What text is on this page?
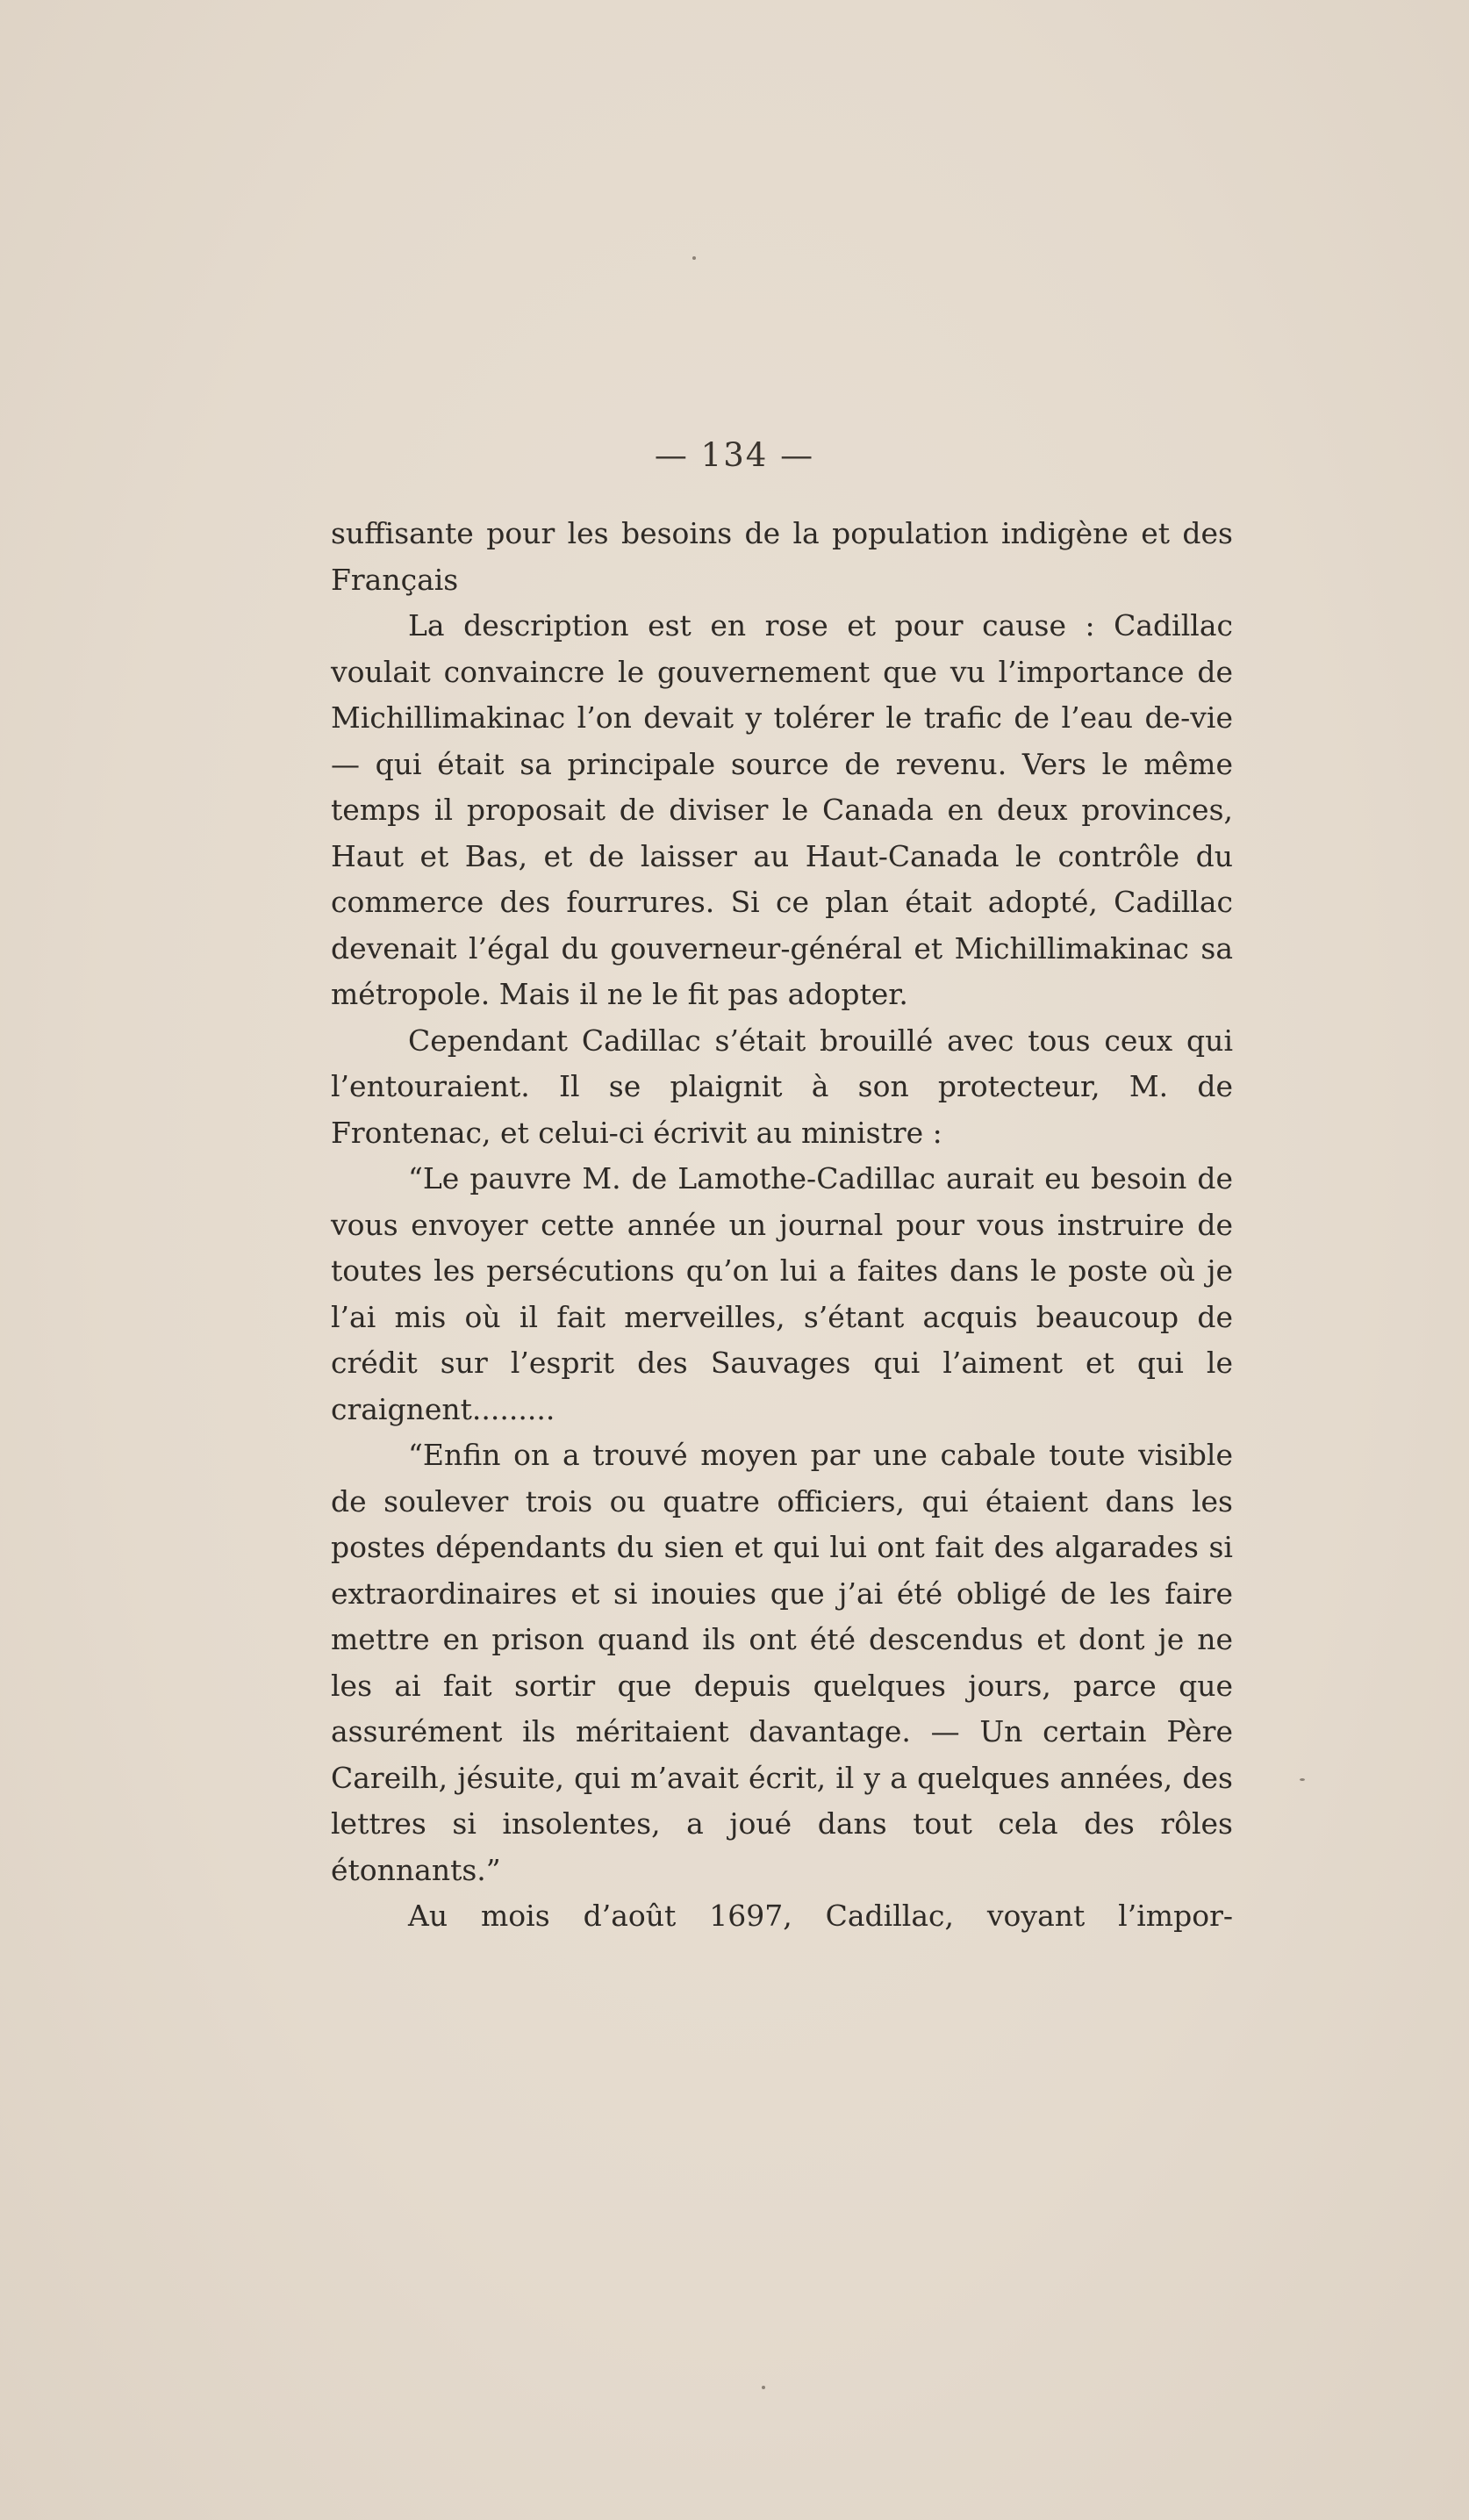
— 134 —

suffisante pour les besoins de la population indigène et des Français

La description est en rose et pour cause : Cadillac voulait convaincre le gouvernement que vu l’importance de Michillimakinac l’on devait y tolérer le trafic de l’eau de-vie — qui était sa principale source de revenu. Vers le même temps il proposait de diviser le Canada en deux provinces, Haut et Bas, et de laisser au Haut-Canada le contrôle du commerce des fourrures. Si ce plan était adopté, Cadillac devenait l’égal du gouverneur-général et Michillimakinac sa métropole. Mais il ne le fit pas adopter.

Cependant Cadillac s’était brouillé avec tous ceux qui l’entouraient. Il se plaignit à son protecteur, M. de Frontenac, et celui-ci écrivit au ministre :

“Le pauvre M. de Lamothe-Cadillac aurait eu besoin de vous envoyer cette année un journal pour vous instruire de toutes les persécutions qu’on lui a faites dans le poste où je l’ai mis où il fait merveilles, s’étant acquis beaucoup de crédit sur l’esprit des Sauvages qui l’aiment et qui le craignent.........

“Enfin on a trouvé moyen par une cabale toute visible de soulever trois ou quatre officiers, qui étaient dans les postes dépendants du sien et qui lui ont fait des algarades si extraordinaires et si inouies que j’ai été obligé de les faire mettre en prison quand ils ont été descendus et dont je ne les ai fait sortir que depuis quelques jours, parce que assurément ils méritaient davantage. — Un certain Père Careilh, jésuite, qui m’avait écrit, il y a quelques années, des lettres si insolentes, a joué dans tout cela des rôles étonnants.”

Au mois d’août 1697, Cadillac, voyant l’impor-
